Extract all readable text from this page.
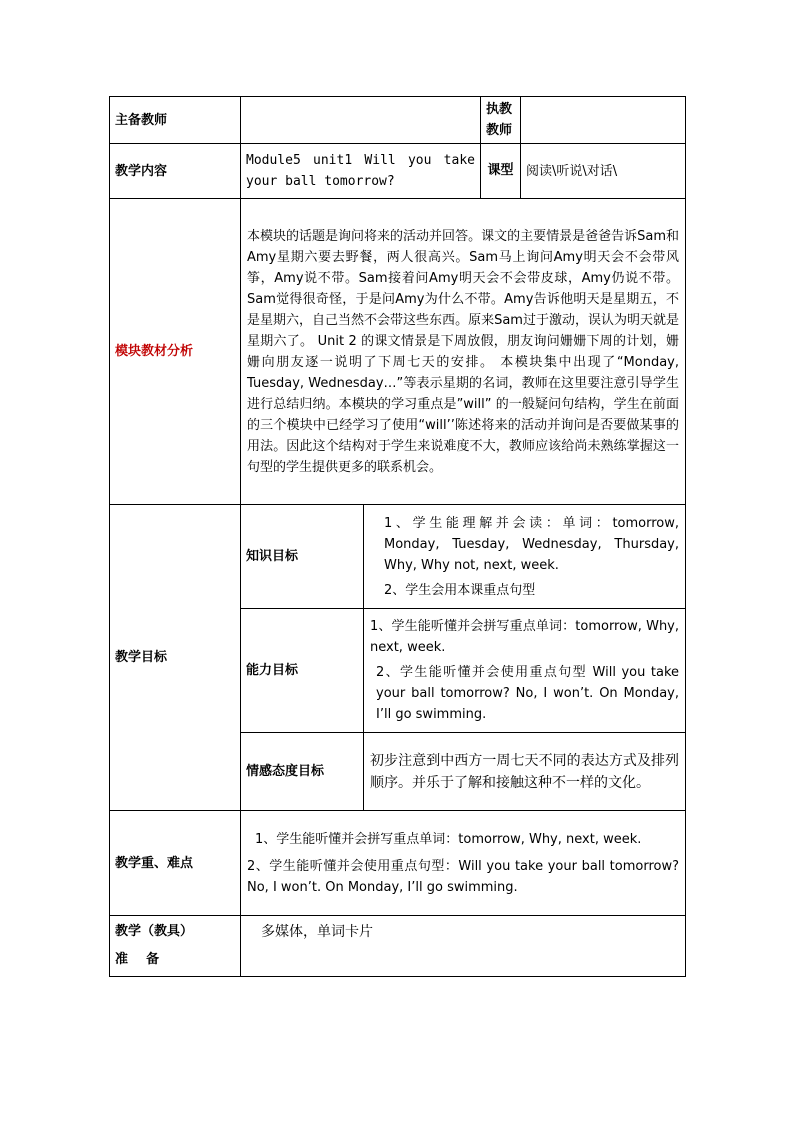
主备教师			执教教师	
教学内容	Module5 unit1 Will you take your ball tomorrow?		课型	阅读\听说\对话\
模块教材分析	本模块的话题是询问将来的活动并回答。课文的主要情景是爸爸告诉Sam和Amy星期六要去野餐，两人很高兴。Sam马上询问Amy明天会不会带风筝，Amy说不带。Sam接着问Amy明天会不会带皮球，Amy仍说不带。Sam觉得很奇怪，于是问Amy为什么不带。Amy告诉他明天是星期五，不是星期六，自己当然不会带这些东西。原来Sam过于激动，误认为明天就是星期六了。 Unit 2 的课文情景是下周放假，朋友询问姗姗下周的计划，姗姗向朋友逐一说明了下周七天的安排。 本模块集中出现了“Monday, Tuesday, Wednesday…”等表示星期的名词，教师在这里要注意引导学生进行总结归纳。本模块的学习重点是”will” 的一般疑问句结构，学生在前面的三个模块中已经学习了使用“will’’陈述将来的活动并询问是否要做某事的用法。因此这个结构对于学生来说难度不大，教师应该给尚未熟练掌握这一句型的学生提供更多的联系机会。			
教学目标	知识目标	1、学生能理解并会读：单词：tomorrow, Monday, Tuesday, Wednesday, Thursday, Why, Why not, next, week.

2、学生会用本课重点句型		

	能力目标	1、学生能听懂并会拼写重点单词：tomorrow, Why, next, week.

2、学生能听懂并会使用重点句型 Will you take your ball tomorrow? No, I won’t. On Monday, I’ll go swimming.		

	情感态度目标	初步注意到中西方一周七天不同的表达方式及排列顺序。并乐于了解和接触这种不一样的文化。		
教学重、难点	1、学生能听懂并会拼写重点单词：tomorrow, Why, next, week.

2、学生能听懂并会使用重点句型：Will you take your ball tomorrow? No, I won’t. On Monday, I’ll go swimming.			

教学（教具）
准    备	多媒体，单词卡片			
